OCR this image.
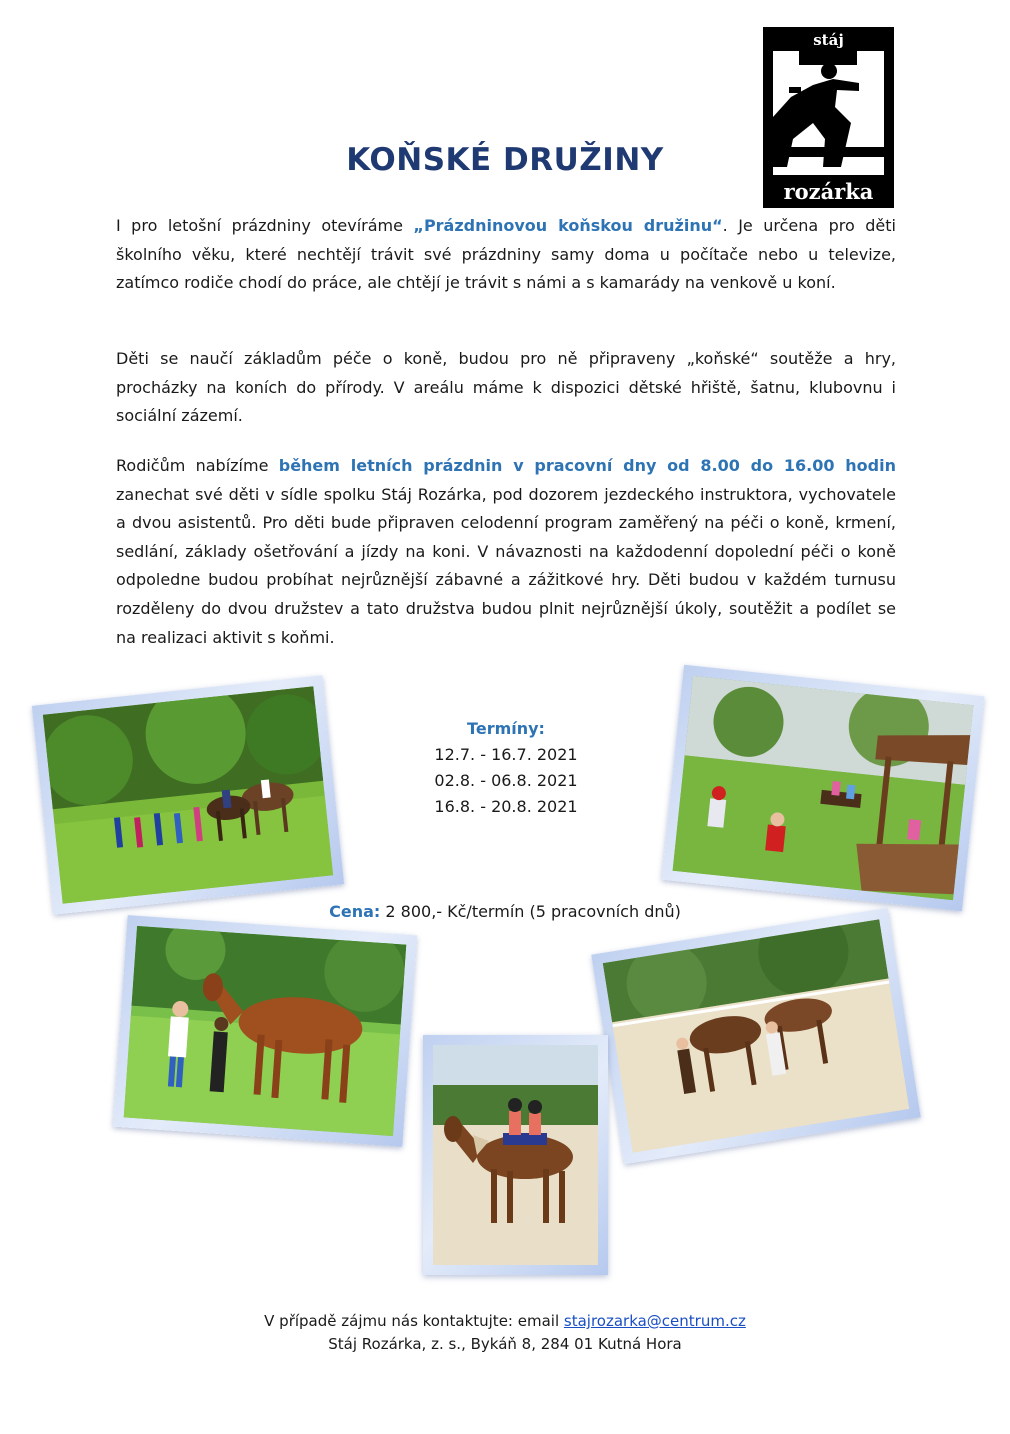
stáj
rozárka
KOŇSKÉ DRUŽINY

I pro letošní prázdniny otevíráme „Prázdninovou koňskou družinu“. Je určena pro děti školního věku, které nechtějí trávit své prázdniny samy doma u počítače nebo u televize, zatímco rodiče chodí do práce, ale chtějí je trávit s námi a s kamarády na venkově u koní.

Děti se naučí základům péče o koně, budou pro ně připraveny „koňské“ soutěže a hry, procházky na koních do přírody. V areálu máme k dispozici dětské hřiště, šatnu, klubovnu i sociální zázemí.

Rodičům nabízíme během letních prázdnin v pracovní dny od 8.00 do 16.00 hodin zanechat své děti v sídle spolku Stáj Rozárka, pod dozorem jezdeckého instruktora, vychovatele a dvou asistentů. Pro děti bude připraven celodenní program zaměřený na péči o koně, krmení, sedlání, základy ošetřování a jízdy na koni. V návaznosti na každodenní dopolední péči o koně odpoledne budou probíhat nejrůznější zábavné a zážitkové hry. Děti budou v každém turnusu rozděleny do dvou družstev a tato družstva budou plnit nejrůznější úkoly, soutěžit a podílet se na realizaci aktivit s koňmi.

Termíny:
12.7. - 16.7. 2021
02.8. - 06.8. 2021
16.8. - 20.8. 2021
Cena: 2 800,- Kč/termín (5 pracovních dnů)
V případě zájmu nás kontaktujte: email stajrozarka@centrum.cz
Stáj Rozárka, z. s., Bykáň 8, 284 01 Kutná Hora
